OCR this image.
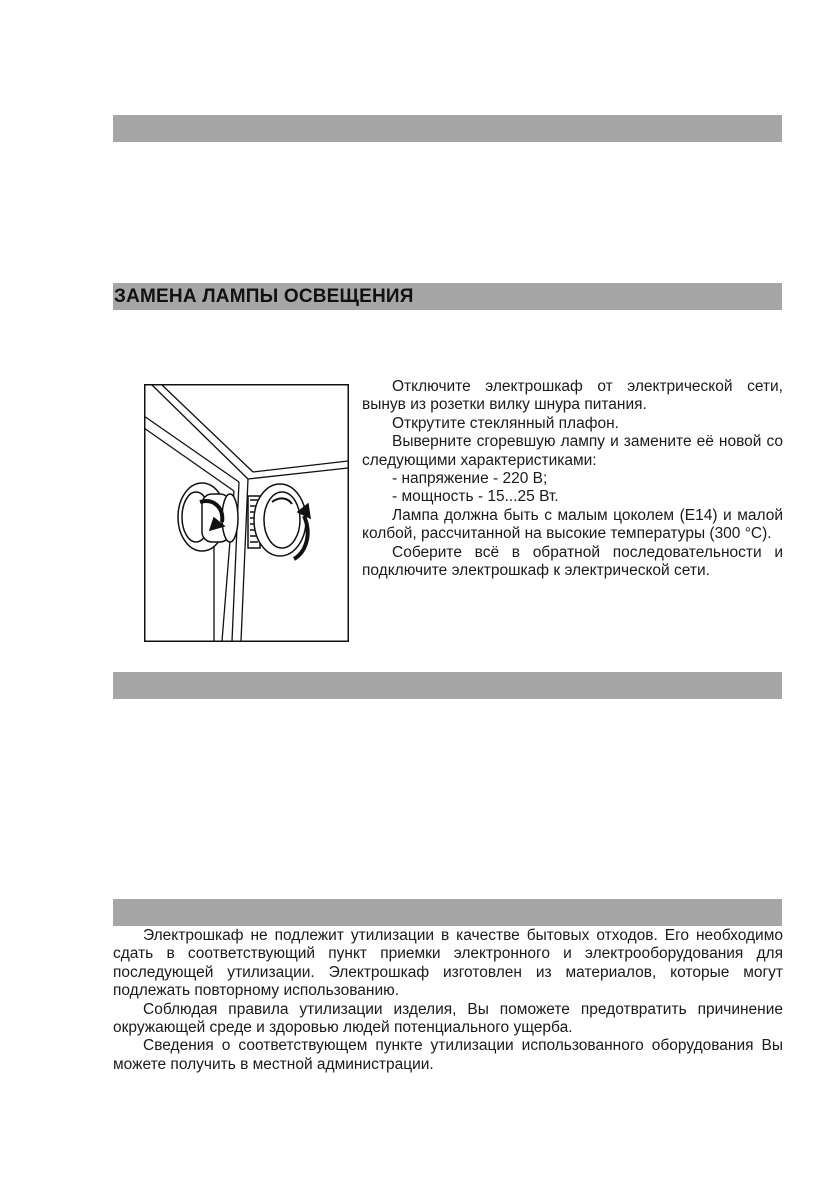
ЗАМЕНА ЛАМПЫ ОСВЕЩЕНИЯ

Отключите электрошкаф от электрической сети, вынув из розетки вилку шнура питания.

Открутите стеклянный плафон.

Выверните сгоревшую лампу и замените её новой со следующими характеристиками:

- напряжение - 220 В;

- мощность - 15...25 Вт.

Лампа должна быть с малым цоколем (Е14) и малой колбой, рассчитанной на высокие температуры (300 °С).

Соберите всё в обратной последовательности и подключите электрошкаф к электрической сети.

Электрошкаф не подлежит утилизации в качестве бытовых отходов. Его необходимо сдать в соответствующий пункт приемки электронного и электрооборудования для последующей утилизации. Электрошкаф изготовлен из материалов, которые могут подлежать повторному использованию.

Соблюдая правила утилизации изделия, Вы поможете предотвратить причинение окружающей среде и здоровью людей потенциального ущерба.

Сведения о соответствующем пункте утилизации использованного оборудования Вы можете получить в местной администрации.
